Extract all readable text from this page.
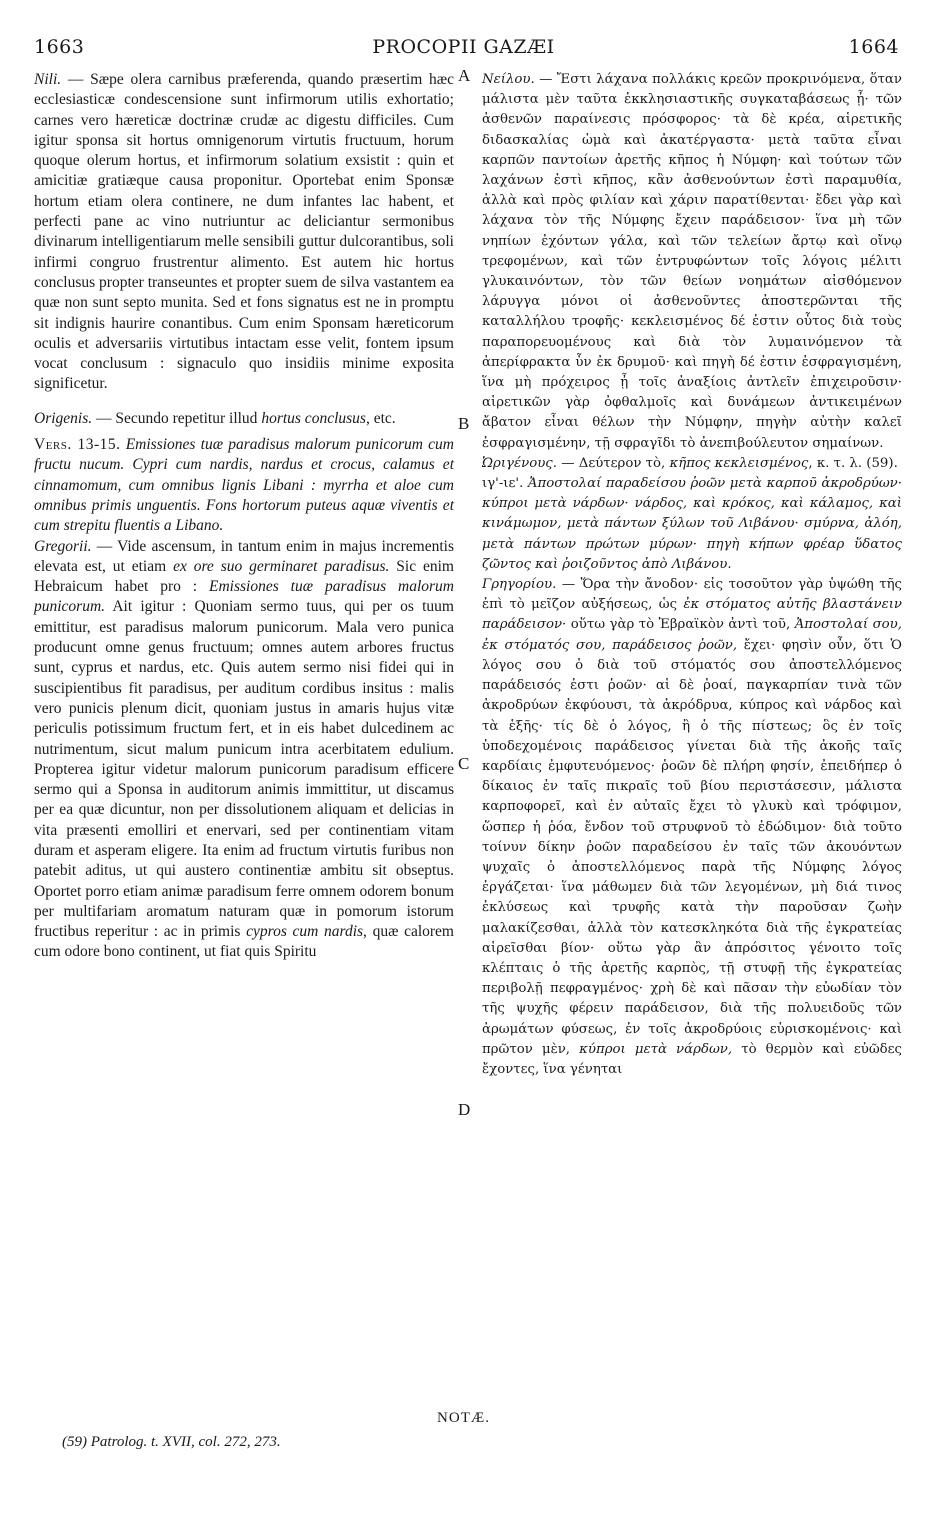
1663	PROCOPII GAZÆI	1664

Nili. — Sæpe olera carnibus præferenda, quando præsertim hæc ecclesiasticæ condescensione sunt infirmorum utilis exhortatio; carnes vero hæreticæ doctrinæ crudæ ac digestu difficiles. Cum igitur sponsa sit hortus omnigenorum virtutis fructuum, horum quoque olerum hortus, et infirmorum solatium exsistit : quin et amicitiæ gratiæque causa proponitur. Oportebat enim Sponsæ hortum etiam olera continere, ne dum infantes lac habent, et perfecti pane ac vino nutriuntur ac deliciantur sermonibus divinarum intelligentiarum melle sensibili guttur dulcorantibus, soli infirmi congruo frustrentur alimento. Est autem hic hortus conclusus propter transeuntes et propter suem de silva vastantem ea quæ non sunt septo munita. Sed et fons signatus est ne in promptu sit indignis haurire conantibus. Cum enim Sponsam hæreticorum oculis et adversariis virtutibus intactam esse velit, fontem ipsum vocat conclusum : signaculo quo insidiis minime exposita significetur.

Origenis. — Secundo repetitur illud hortus conclusus, etc.

Vers. 13-15. Emissiones tuæ paradisus malorum punicorum cum fructu nucum. Cypri cum nardis, nardus et crocus, calamus et cinnamomum, cum omnibus lignis Libani : myrrha et aloe cum omnibus primis unguentis. Fons hortorum puteus aquæ viventis et cum strepitu fluentis a Libano.

Gregorii. — Vide ascensum, in tantum enim in majus incrementis elevata est, ut etiam ex ore suo germinaret paradisus. Sic enim Hebraicum habet pro : Emissiones tuæ paradisus malorum punicorum. Ait igitur : Quoniam sermo tuus, qui per os tuum emittitur, est paradisus malorum punicorum. Mala vero punica producunt omne genus fructuum; omnes autem arbores fructus sunt, cyprus et nardus, etc. Quis autem sermo nisi fidei qui in suscipientibus fit paradisus, per auditum cordibus insitus : malis vero punicis plenum dicit, quoniam justus in amaris hujus vitæ periculis potissimum fructum fert, et in eis habet dulcedinem ac nutrimentum, sicut malum punicum intra acerbitatem edulium. Propterea igitur videtur malorum punicorum paradisum efficere sermo qui a Sponsa in auditorum animis immittitur, ut discamus per ea quæ dicuntur, non per dissolutionem aliquam et delicias in vita præsenti emolliri et enervari, sed per continentiam vitam duram et asperam eligere. Ita enim ad fructum virtutis furibus non patebit aditus, ut qui austero continentiæ ambitu sit obseptus. Oportet porro etiam animæ paradisum ferre omnem odorem bonum per multifariam aromatum naturam quæ in pomorum istorum fructibus reperitur : ac in primis cypros cum nardis, quæ calorem cum odore bono continent, ut fiat quis Spiritu

A
B
C
D

Νείλου. — Ἔστι λάχανα πολλάκις κρεῶν προκρινόμενα, ὅταν μάλιστα μὲν ταῦτα ἐκκλησιαστικῆς συγκαταβάσεως ᾖ· τῶν ἀσθενῶν παραίνεσις πρόσφορος· τὰ δὲ κρέα, αἱρετικῆς διδασκαλίας ὠμὰ καὶ ἀκατέργαστα· μετὰ ταῦτα εἶναι καρπῶν παντοίων ἀρετῆς κῆπος ἡ Νύμφη· καὶ τούτων τῶν λαχάνων ἐστὶ κῆπος, κἂν ἀσθενούντων ἐστὶ παραμυθία, ἀλλὰ καὶ πρὸς φιλίαν καὶ χάριν παρατίθενται· ἔδει γὰρ καὶ λάχανα τὸν τῆς Νύμφης ἔχειν παράδεισον· ἵνα μὴ τῶν νηπίων ἐχόντων γάλα, καὶ τῶν τελείων ἄρτῳ καὶ οἴνῳ τρεφομένων, καὶ τῶν ἐντρυφώντων τοῖς λόγοις μέλιτι γλυκαινόντων, τὸν τῶν θείων νοημάτων αἰσθόμενον λάρυγγα μόνοι οἱ ἀσθενοῦντες ἀποστερῶνται τῆς καταλλήλου τροφῆς· κεκλεισμένος δέ ἐστιν οὗτος διὰ τοὺς παραπορευομένους καὶ διὰ τὸν λυμαινόμενον τὰ ἀπερίφρακτα ὗν ἐκ δρυμοῦ· καὶ πηγὴ δέ ἐστιν ἐσφραγισμένη, ἵνα μὴ πρόχειρος ᾖ τοῖς ἀναξίοις ἀντλεῖν ἐπιχειροῦσιν· αἱρετικῶν γὰρ ὀφθαλμοῖς καὶ δυνάμεων ἀντικειμένων ἄβατον εἶναι θέλων τὴν Νύμφην, πηγὴν αὐτὴν καλεῖ ἐσφραγισμένην, τῇ σφραγῖδι τὸ ἀνεπιβούλευτον σημαίνων.

Ὠριγένους. — Δεύτερον τὸ, κῆπος κεκλεισμένος, κ. τ. λ. (59).

ιγ'-ιε'. Ἀποστολαί παραδείσου ῥοῶν μετὰ καρποῦ ἀκροδρύων· κύπροι μετὰ νάρδων· νάρδος, καὶ κρόκος, καὶ κάλαμος, καὶ κινάμωμον, μετὰ πάντων ξύλων τοῦ Λιβάνου· σμύρνα, ἀλόη, μετὰ πάντων πρώτων μύρων· πηγὴ κήπων φρέαρ ὕδατος ζῶντος καὶ ῥοιζοῦντος ἀπὸ Λιβάνου.

Γρηγορίου. — Ὅρα τὴν ἄνοδον· εἰς τοσοῦτον γὰρ ὑψώθη τῆς ἐπὶ τὸ μεῖζον αὐξήσεως, ὡς ἐκ στόματος αὐτῆς βλαστάνειν παράδεισον· οὕτω γὰρ τὸ Ἑβραϊκὸν ἀντὶ τοῦ, Ἀποστολαί σου, ἐκ στόματός σου, παράδεισος ῥοῶν, ἔχει· φησὶν οὖν, ὅτι Ὁ λόγος σου ὁ διὰ τοῦ στόματός σου ἀποστελλόμενος παράδεισός ἐστι ῥοῶν· αἱ δὲ ῥοαί, παγκαρπίαν τινὰ τῶν ἀκροδρύων ἐκφύουσι, τὰ ἀκρόδρυα, κύπρος καὶ νάρδος καὶ τὰ ἑξῆς· τίς δὲ ὁ λόγος, ἢ ὁ τῆς πίστεως; ὃς ἐν τοῖς ὑποδεχομένοις παράδεισος γίνεται διὰ τῆς ἀκοῆς ταῖς καρδίαις ἐμφυτευόμενος· ῥοῶν δὲ πλήρη φησίν, ἐπειδήπερ ὁ δίκαιος ἐν ταῖς πικραῖς τοῦ βίου περιστάσεσιν, μάλιστα καρποφορεῖ, καὶ ἐν αὐταῖς ἔχει τὸ γλυκὺ καὶ τρόφιμον, ὥσπερ ἡ ῥόα, ἔνδον τοῦ στρυφνοῦ τὸ ἐδώδιμον· διὰ τοῦτο τοίνυν δίκην ῥοῶν παραδείσου ἐν ταῖς τῶν ἀκουόντων ψυχαῖς ὁ ἀποστελλόμενος παρὰ τῆς Νύμφης λόγος ἐργάζεται· ἵνα μάθωμεν διὰ τῶν λεγομένων, μὴ διά τινος ἐκλύσεως καὶ τρυφῆς κατὰ τὴν παροῦσαν ζωὴν μαλακίζεσθαι, ἀλλὰ τὸν κατεσκληκότα διὰ τῆς ἐγκρατείας αἱρεῖσθαι βίον· οὕτω γὰρ ἂν ἀπρόσιτος γένοιτο τοῖς κλέπταις ὁ τῆς ἀρετῆς καρπὸς, τῇ στυφῇ τῆς ἐγκρατείας περιβολῇ πεφραγμένος· χρὴ δὲ καὶ πᾶσαν τὴν εὐωδίαν τὸν τῆς ψυχῆς φέρειν παράδεισον, διὰ τῆς πολυειδοῦς τῶν ἀρωμάτων φύσεως, ἐν τοῖς ἀκροδρύοις εὑρισκομένοις· καὶ πρῶτον μὲν, κύπροι μετὰ νάρδων, τὸ θερμὸν καὶ εὐῶδες ἔχοντες, ἵνα γένηται

NOTÆ.
(59) Patrolog. t. XVII, col. 272, 273.
